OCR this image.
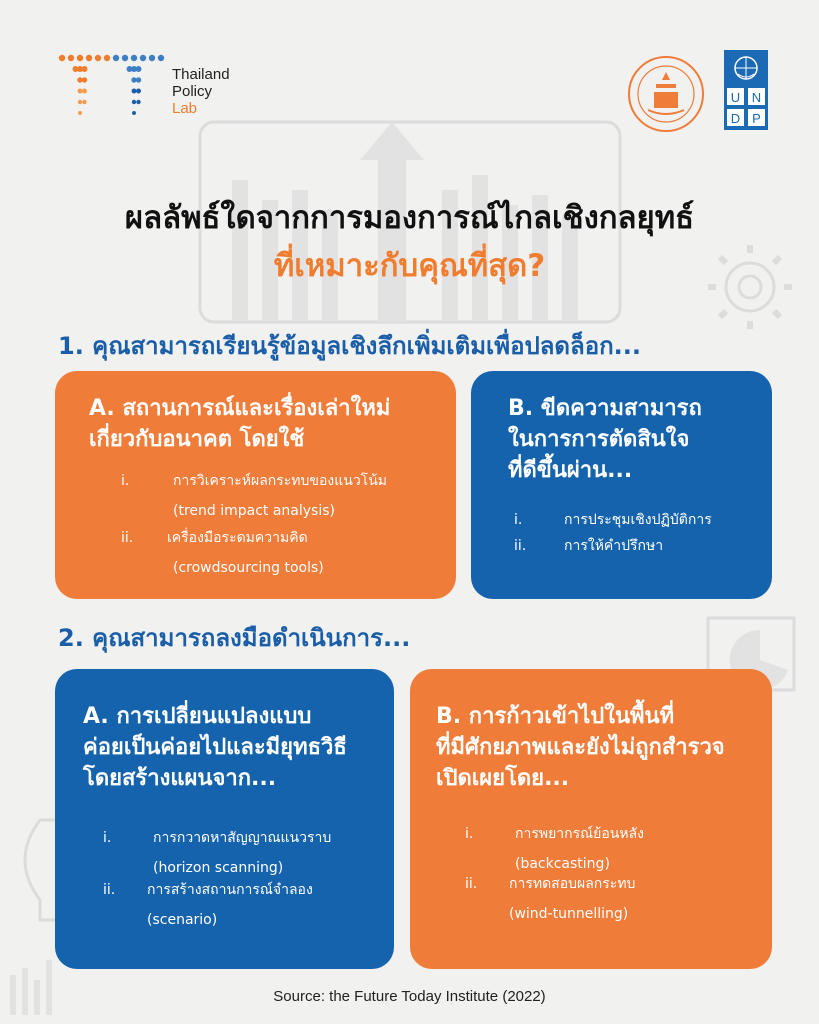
Thailand
Policy
Lab
U N
D P
ผลลัพธ์ใดจากการมองการณ์ไกลเชิงกลยุทธ์
ที่เหมาะกับคุณที่สุด?
1. คุณสามารถเรียนรู้ข้อมูลเชิงลึกเพิ่มเติมเพื่อปลดล็อก...
A. สถานการณ์และเรื่องเล่าใหม่
เกี่ยวกับอนาคต โดยใช้
i.	การวิเคราะห์ผลกระทบของแนวโน้ม
(trend impact analysis)
ii. เครื่องมือระดมความคิด
(crowdsourcing tools)
B. ขีดความสามารถ
ในการการตัดสินใจ
ที่ดีขึ้นผ่าน...
i.	การประชุมเชิงปฏิบัติการ
ii.	การให้คำปรึกษา
2. คุณสามารถลงมือดำเนินการ...
A. การเปลี่ยนแปลงแบบ
ค่อยเป็นค่อยไปและมียุทธวิธี
โดยสร้างแผนจาก...
i.	การกวาดหาสัญญาณแนวราบ
(horizon scanning)
ii. การสร้างสถานการณ์จำลอง
(scenario)
B. การก้าวเข้าไปในพื้นที่
ที่มีศักยภาพและยังไม่ถูกสำรวจ
เปิดเผยโดย...
i.	การพยากรณ์ย้อนหลัง
(backcasting)
ii. การทดสอบผลกระทบ
(wind-tunnelling)
Source: the Future Today Institute (2022)
